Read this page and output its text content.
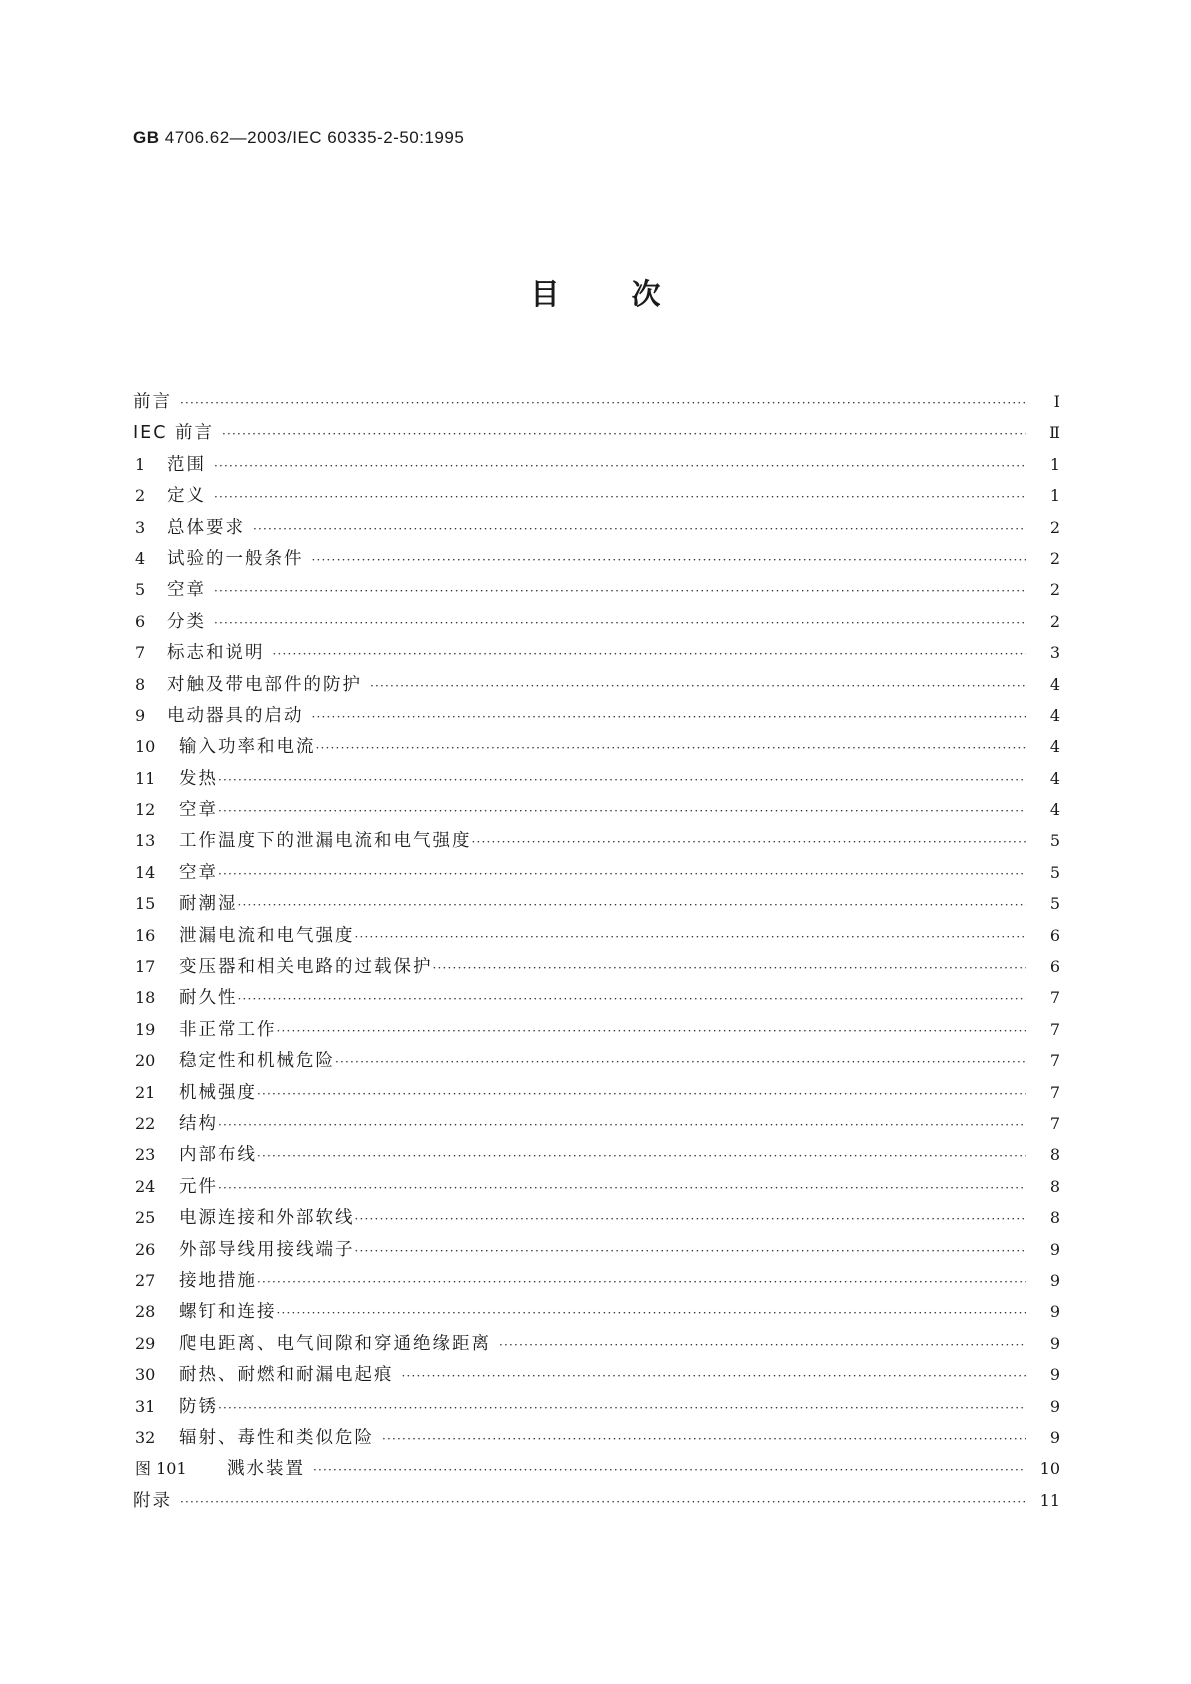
GB 4706.62—2003/IEC 60335-2-50:1995
目 次
前言 ·····	Ⅰ
IEC 前言 ·····	Ⅱ
1	范围 ·····	1
2	定义 ·····	1
3	总体要求 ·····	2
4	试验的一般条件 ·····	2
5	空章 ·····	2
6	分类 ·····	2
7	标志和说明 ·····	3
8	对触及带电部件的防护 ·····	4
9	电动器具的启动 ·····	4
10	输入功率和电流 ·····	4
11	发热 ·····	4
12	空章 ·····	4
13	工作温度下的泄漏电流和电气强度 ·····	5
14	空章 ·····	5
15	耐潮湿 ·····	5
16	泄漏电流和电气强度 ·····	6
17	变压器和相关电路的过载保护 ·····	6
18	耐久性 ·····	7
19	非正常工作 ·····	7
20	稳定性和机械危险 ·····	7
21	机械强度 ·····	7
22	结构 ·····	7
23	内部布线 ·····	8
24	元件 ·····	8
25	电源连接和外部软线 ·····	8
26	外部导线用接线端子 ·····	9
27	接地措施 ·····	9
28	螺钉和连接 ·····	9
29	爬电距离、电气间隙和穿通绝缘距离 ·····	9
30	耐热、耐燃和耐漏电起痕 ·····	9
31	防锈 ·····	9
32	辐射、毒性和类似危险 ·····	9
图 101	溅水装置 ·····	10
附录 ·····	11
